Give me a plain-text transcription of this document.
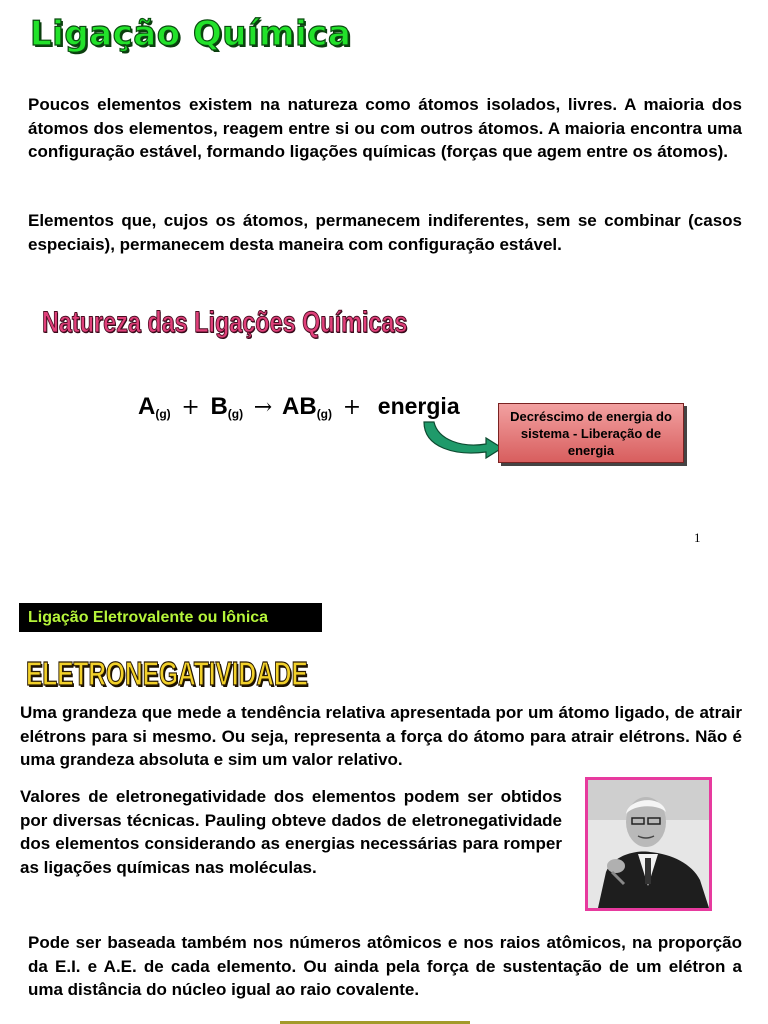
Ligação Química
Poucos elementos existem na natureza como átomos isolados, livres. A maioria dos átomos dos elementos, reagem entre si ou com outros átomos. A maioria encontra uma configuração estável, formando ligações químicas (forças que agem entre os átomos).
Elementos que, cujos os átomos, permanecem indiferentes, sem se combinar (casos especiais), permanecem desta maneira com configuração estável.
Natureza das Ligações Químicas
$A_{(g)} + B_{(g)} \to AB_{(g)}$ + energia	Decréscimo de energia do sistema - Liberação de energia
1
Ligação Eletrovalente ou Iônica
ELETRONEGATIVIDADE
Uma grandeza que mede a tendência relativa apresentada por um átomo ligado, de atrair elétrons para si mesmo. Ou seja, representa a força do átomo para atrair elétrons. Não é uma grandeza absoluta e sim um valor relativo.
Valores de eletronegatividade dos elementos podem ser obtidos por diversas técnicas. Pauling obteve dados de eletronegatividade dos elementos considerando as energias necessárias para romper as ligações químicas nas moléculas.
Pode ser baseada também nos números atômicos e nos raios atômicos, na proporção da E.I. e A.E. de cada elemento. Ou ainda pela força de sustentação de um elétron a uma distância do núcleo igual ao raio covalente.
